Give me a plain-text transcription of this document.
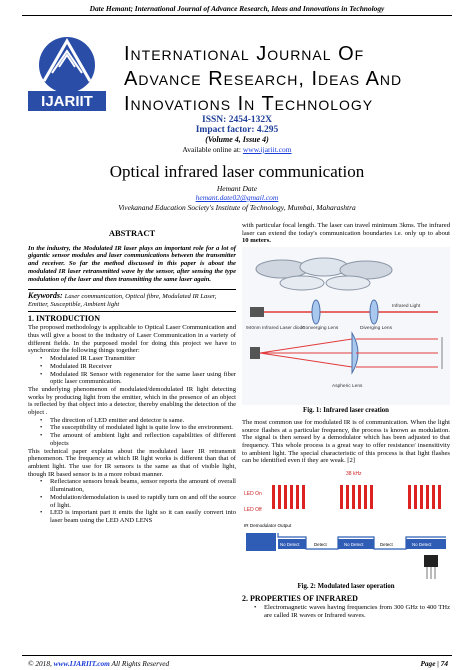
Date Hemant; International Journal of Advance Research, Ideas and Innovations in Technology
IJARIIT
International Journal Of
Advance Research, Ideas And
Innovations In Technology
ISSN: 2454-132X
Impact factor: 4.295
(Volume 4, Issue 4)
Available online at: www.ijariit.com
Optical infrared laser communication
Hemant Date
hemant.date02@gmail.com
Vivekanand Education Society's Institute of Technology, Mumbai, Maharashtra
ABSTRACT

In the industry, the Modulated IR laser plays an important role for a lot of gigantic sensor modules and laser communications between the transmitter and receiver. So far the method discussed in this paper is about the modulated IR laser retransmitted wave by the sensor, after sensing the type modulation of the laser and then transmitting the same laser again.

Keywords: Laser communication, Optical fibre, Modulated IR Laser, Emitter, Susceptible, Ambient light
1. INTRODUCTION

The proposed methodology is applicable to Optical Laser Communication and thus will give a boost to the industry of Laser Communication in a variety of different fields. In the purposed model for doing this project we have to synchronize the following things together:

• Modulated IR Laser Transmitter
• Modulated IR Receiver
• Modulated IR Sensor with regenerator for the same laser using fiber optic laser communication.

The underlying phenomenon of modulated/demodulated IR light detecting works by producing light from the emitter, which in the presence of an object is reflected by that object into a detector, thereby enabling the detection of the object .

• The direction of LED emitter and detector is same.
• The susceptibility of modulated light is quite low to the environment.
• The amount of ambient light and reflection capabilities of different objects

This technical paper explains about the modulated laser IR retransmit phenomenon. The frequency at which IR light works is different than that of ambient light. The use for IR sensors is the same as that of visible light, though IR based sensor is in a more robust manner.

• Reflectance sensors break beams, sensor reports the amount of overall illumination,
• Modulation/demodulation is used to rapidly turn on and off the source of light.
• LED is important part it emits the light so it can easily convert into laser beam using the LED AND LENS

with particular focal length. The laser can travel minimum 3kms. The infrared laser can extend the today's communication boundaries i.e. only up to about 10 meters.

940nm Infrared Laser diode
Converging Lens
Infrared Light
Diverging Lens
Aspheric Lens
Fig. 1: Infrared laser creation

The most common use for modulated IR is of communication. When the light source flashes at a particular frequency, the process is known as modulation. The signal is then sensed by a demodulator which has been adjusted to that frequency. This whole process is a great way to offer resistance/ insensitivity to ambient light. The special characteristic of this process is that light flashes can be identified even if they are weak. [2]

38 kHz
LED On
LED Off
IR Demodulator Output
No Detect	Detect	No Detect	Detect	No Detect
Fig. 2: Modulated laser operation
2. PROPERTIES OF INFRARED
• Electromagnetic waves having frequencies from 300 GHz to 400 THz are called IR waves or Infrared waves.
© 2018, www.IJARIIT.com All Rights Reserved	Page | 74
